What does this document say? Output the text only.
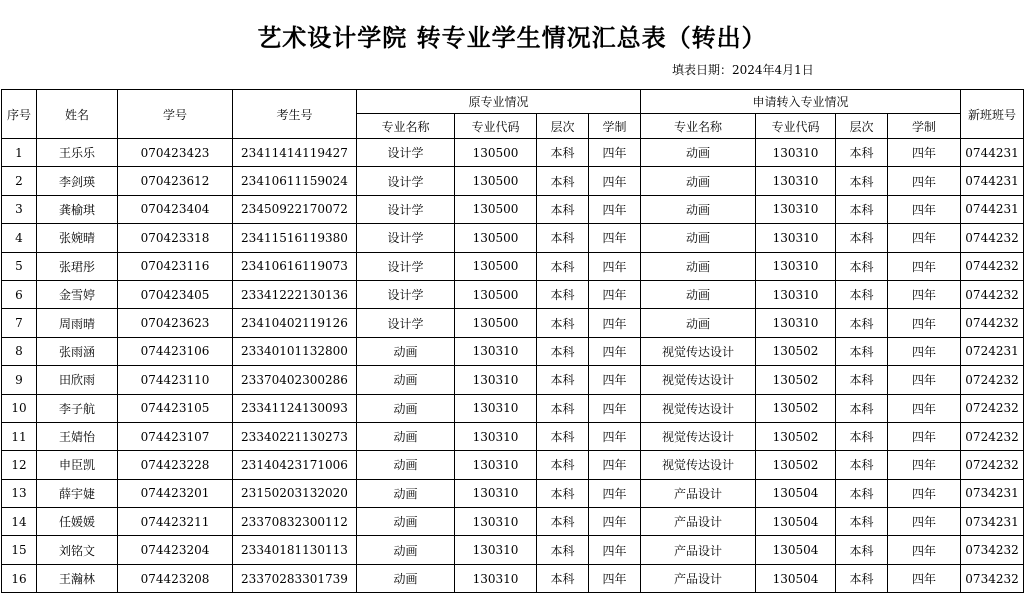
艺术设计学院 转专业学生情况汇总表（转出）
填表日期：2024年4月1日
序号	姓名	学号	考生号	原专业情况				申请转入专业情况				新班班号
				专业名称	专业代码	层次	学制	专业名称	专业代码	层次	学制	
1	王乐乐	070423423	23411414119427	设计学	130500	本科	四年	动画	130310	本科	四年	0744231
2	李剑瑛	070423612	23410611159024	设计学	130500	本科	四年	动画	130310	本科	四年	0744231
3	龚榆琪	070423404	23450922170072	设计学	130500	本科	四年	动画	130310	本科	四年	0744231
4	张婉晴	070423318	23411516119380	设计学	130500	本科	四年	动画	130310	本科	四年	0744232
5	张珺彤	070423116	23410616119073	设计学	130500	本科	四年	动画	130310	本科	四年	0744232
6	金雪婷	070423405	23341222130136	设计学	130500	本科	四年	动画	130310	本科	四年	0744232
7	周雨晴	070423623	23410402119126	设计学	130500	本科	四年	动画	130310	本科	四年	0744232
8	张雨涵	074423106	23340101132800	动画	130310	本科	四年	视觉传达设计	130502	本科	四年	0724231
9	田欣雨	074423110	23370402300286	动画	130310	本科	四年	视觉传达设计	130502	本科	四年	0724232
10	李子航	074423105	23341124130093	动画	130310	本科	四年	视觉传达设计	130502	本科	四年	0724232
11	王婧怡	074423107	23340221130273	动画	130310	本科	四年	视觉传达设计	130502	本科	四年	0724232
12	申臣凯	074423228	23140423171006	动画	130310	本科	四年	视觉传达设计	130502	本科	四年	0724232
13	薛宇婕	074423201	23150203132020	动画	130310	本科	四年	产品设计	130504	本科	四年	0734231
14	任媛媛	074423211	23370832300112	动画	130310	本科	四年	产品设计	130504	本科	四年	0734231
15	刘铭文	074423204	23340181130113	动画	130310	本科	四年	产品设计	130504	本科	四年	0734232
16	王瀚林	074423208	23370283301739	动画	130310	本科	四年	产品设计	130504	本科	四年	0734232
